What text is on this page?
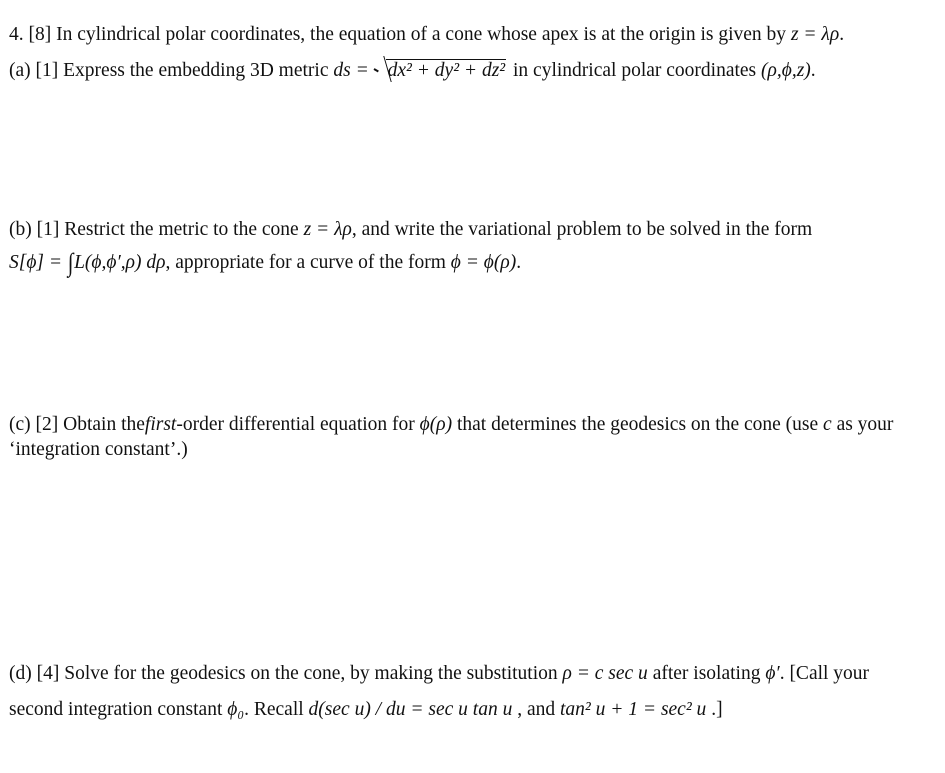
4. [8] In cylindrical polar coordinates, the equation of a cone whose apex is at the origin is given by z = λρ.
(a) [1] Express the embedding 3D metric ds = dx² + dy² + dz² in cylindrical polar coordinates (ρ,ϕ,z).
(b) [1] Restrict the metric to the cone z = λρ, and write the variational problem to be solved in the form
S[ϕ] = ∫L(ϕ,ϕ′,ρ) dρ, appropriate for a curve of the form ϕ = ϕ(ρ).
(c) [2] Obtain thefirst-order differential equation for ϕ(ρ) that determines the geodesics on the cone (use c as your
‘integration constant’.)
(d) [4] Solve for the geodesics on the cone, by making the substitution ρ = c sec u after isolating ϕ′. [Call your
second integration constant ϕ₀. Recall d(sec u) / du = sec u tan u , and tan² u + 1 = sec² u .]
